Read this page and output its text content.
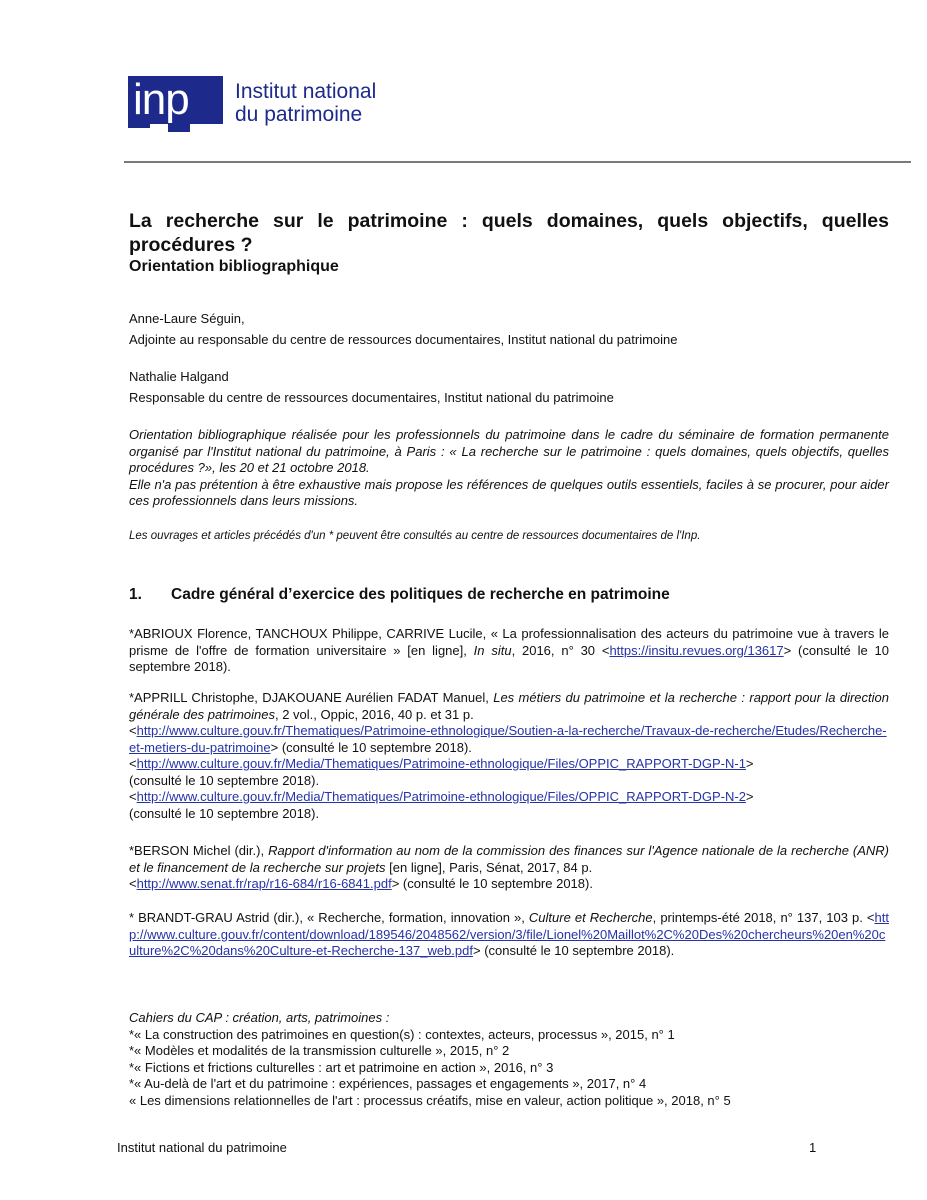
inp Institut national
du patrimoine
La recherche sur le patrimoine : quels domaines, quels objectifs, quelles procédures ?
Orientation bibliographique
Anne-Laure Séguin,
Adjointe au responsable du centre de ressources documentaires, Institut national du patrimoine
Nathalie Halgand
Responsable du centre de ressources documentaires, Institut national du patrimoine
Orientation bibliographique réalisée pour les professionnels du patrimoine dans le cadre du séminaire de formation permanente organisé par l'Institut national du patrimoine, à Paris : « La recherche sur le patrimoine : quels domaines, quels objectifs, quelles procédures ?», les 20 et 21 octobre 2018.
Elle n'a pas prétention à être exhaustive mais propose les références de quelques outils essentiels, faciles à se procurer, pour aider ces professionnels dans leurs missions.
Les ouvrages et articles précédés d'un * peuvent être consultés au centre de ressources documentaires de l'Inp.
1.	Cadre général d’exercice des politiques de recherche en patrimoine
*ABRIOUX Florence, TANCHOUX Philippe, CARRIVE Lucile, « La professionnalisation des acteurs du patrimoine vue à travers le prisme de l'offre de formation universitaire » [en ligne], In situ, 2016, n° 30 <https://insitu.revues.org/13617> (consulté le 10 septembre 2018).
*APPRILL Christophe, DJAKOUANE Aurélien FADAT Manuel, Les métiers du patrimoine et la recherche : rapport pour la direction générale des patrimoines, 2 vol., Oppic, 2016, 40 p. et 31 p.
<http://www.culture.gouv.fr/Thematiques/Patrimoine-ethnologique/Soutien-a-la-recherche/Travaux-de-recherche/Etudes/Recherche-et-metiers-du-patrimoine> (consulté le 10 septembre 2018).
<http://www.culture.gouv.fr/Media/Thematiques/Patrimoine-ethnologique/Files/OPPIC_RAPPORT-DGP-N-1>
(consulté le 10 septembre 2018).
<http://www.culture.gouv.fr/Media/Thematiques/Patrimoine-ethnologique/Files/OPPIC_RAPPORT-DGP-N-2>
(consulté le 10 septembre 2018).
*BERSON Michel (dir.), Rapport d'information au nom de la commission des finances sur l'Agence nationale de la recherche (ANR) et le financement de la recherche sur projets [en ligne], Paris, Sénat, 2017, 84 p.
<http://www.senat.fr/rap/r16-684/r16-6841.pdf> (consulté le 10 septembre 2018).
* BRANDT-GRAU Astrid (dir.), « Recherche, formation, innovation », Culture et Recherche, printemps-été 2018, n° 137, 103 p. <http://www.culture.gouv.fr/content/download/189546/2048562/version/3/file/Lionel%20Maillot%2C%20Des%20chercheurs%20en%20culture%2C%20dans%20Culture-et-Recherche-137_web.pdf> (consulté le 10 septembre 2018).
Cahiers du CAP : création, arts, patrimoines :
*« La construction des patrimoines en question(s) : contextes, acteurs, processus », 2015, n° 1
*« Modèles et modalités de la transmission culturelle », 2015, n° 2
*« Fictions et frictions culturelles : art et patrimoine en action », 2016, n° 3
*« Au-delà de l'art et du patrimoine : expériences, passages et engagements », 2017, n° 4
« Les dimensions relationnelles de l'art : processus créatifs, mise en valeur, action politique », 2018, n° 5
Institut national du patrimoine	1
